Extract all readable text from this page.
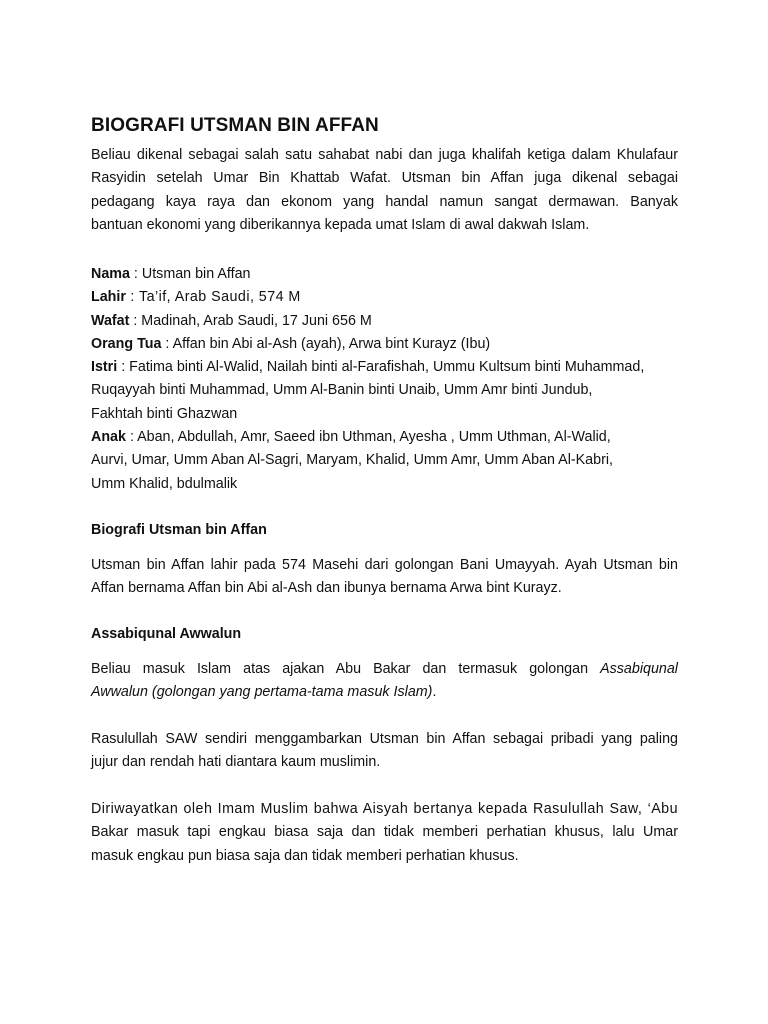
BIOGRAFI UTSMAN BIN AFFAN
Beliau dikenal sebagai salah satu sahabat nabi dan juga khalifah ketiga dalam Khulafaur
Rasyidin setelah Umar Bin Khattab Wafat. Utsman bin Affan juga dikenal sebagai
pedagang kaya raya dan ekonom yang handal namun sangat dermawan. Banyak
bantuan ekonomi yang diberikannya kepada umat Islam di awal dakwah Islam.
Nama : Utsman bin Affan
Lahir : Ta’if, Arab Saudi, 574 M
Wafat : Madinah, Arab Saudi, 17 Juni 656 M
Orang Tua : Affan bin Abi al-Ash (ayah), Arwa bint Kurayz (Ibu)
Istri : Fatima binti Al-Walid, Nailah binti al-Farafishah, Ummu Kultsum binti Muhammad,
Ruqayyah binti Muhammad, Umm Al-Banin binti Unaib, Umm Amr binti Jundub,
Fakhtah binti Ghazwan
Anak : Aban, Abdullah, Amr, Saeed ibn Uthman, Ayesha , Umm Uthman, Al-Walid,
Aurvi, Umar, Umm Aban Al-Sagri, Maryam, Khalid, Umm Amr, Umm Aban Al-Kabri,
Umm Khalid, bdulmalik
Biografi Utsman bin Affan
Utsman bin Affan lahir pada 574 Masehi dari golongan Bani Umayyah. Ayah Utsman bin
Affan bernama Affan bin Abi al-Ash dan ibunya bernama Arwa bint Kurayz.
Assabiqunal Awwalun
Beliau masuk Islam atas ajakan Abu Bakar dan termasuk golongan Assabiqunal
Awwalun (golongan yang pertama-tama masuk Islam).
Rasulullah SAW sendiri menggambarkan Utsman bin Affan sebagai pribadi yang paling
jujur dan rendah hati diantara kaum muslimin.
Diriwayatkan oleh Imam Muslim bahwa Aisyah bertanya kepada Rasulullah Saw, ‘Abu
Bakar masuk tapi engkau biasa saja dan tidak memberi perhatian khusus, lalu Umar
masuk engkau pun biasa saja dan tidak memberi perhatian khusus.
